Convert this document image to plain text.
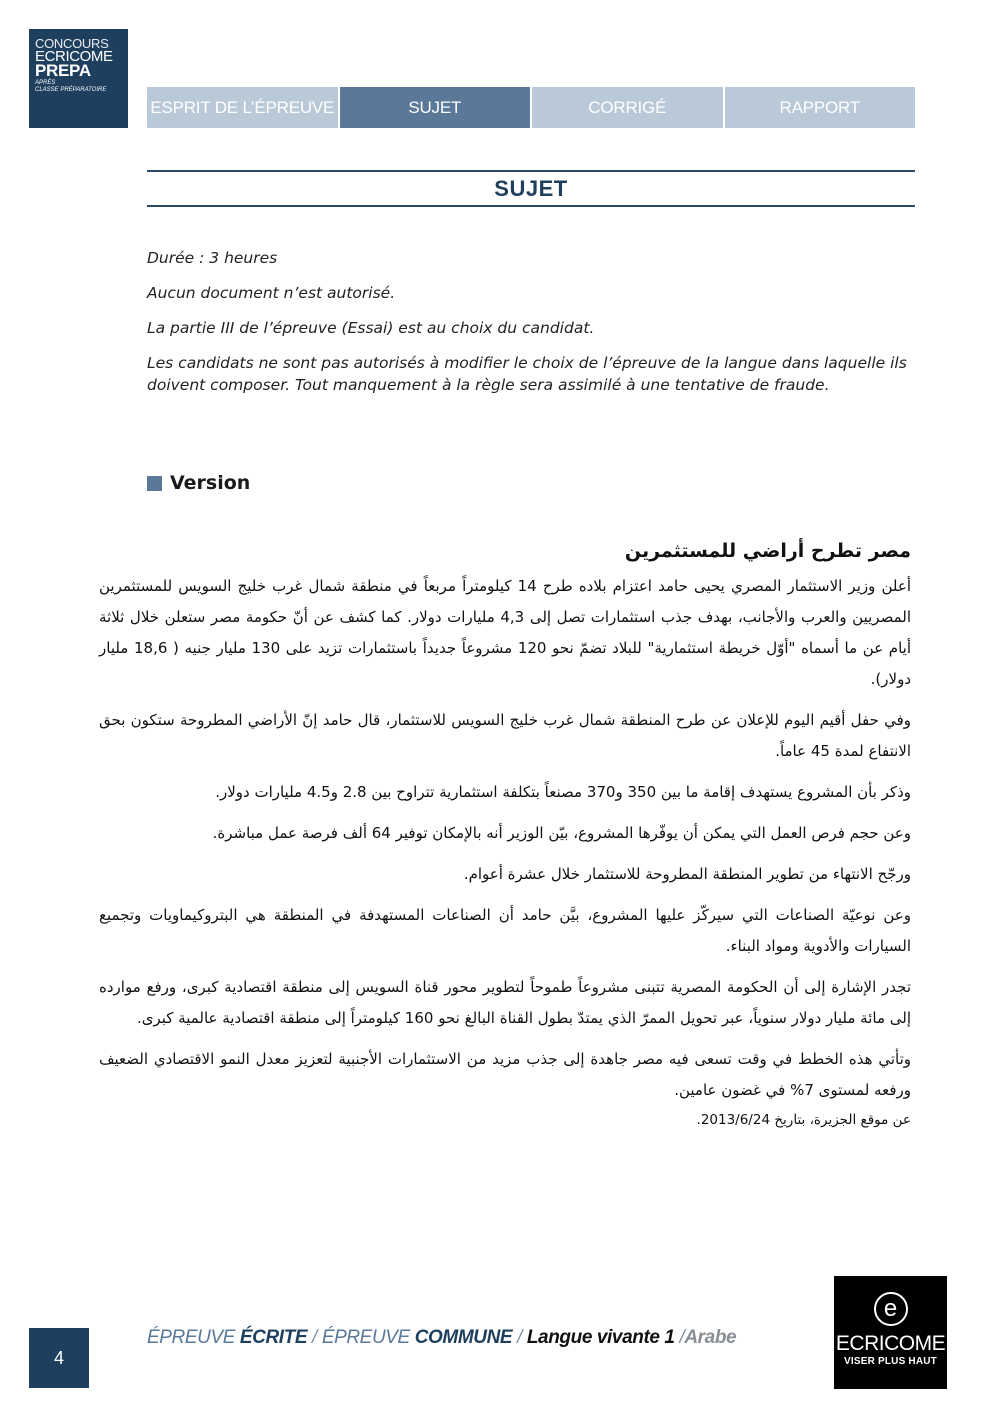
CONCOURS
ECRICOME
PREPA
APRÈS
CLASSE PRÉPARATOIRE
ESPRIT DE L’ÉPREUVE	SUJET	CORRIGÉ	RAPPORT
SUJET

Durée : 3 heures

Aucun document n’est autorisé.

La partie III de l’épreuve (Essai) est au choix du candidat.

Les candidats ne sont pas autorisés à modifier le choix de l’épreuve de la langue dans laquelle ils doivent composer. Tout manquement à la règle sera assimilé à une tentative de fraude.

Version
مصر تطرح أراضي للمستثمرين

أعلن وزير الاستثمار المصري يحيى حامد اعتزام بلاده طرح 14 كيلومتراً مربعاً في منطقة شمال غرب خليج السويس للمستثمرين المصريين والعرب والأجانب، بهدف جذب استثمارات تصل إلى 4,3 مليارات دولار. كما كشف عن أنّ حكومة مصر ستعلن خلال ثلاثة أيام عن ما أسماه "أوّل خريطة استثمارية" للبلاد تضمّ نحو 120 مشروعاً جديداً باستثمارات تزيد على 130 مليار جنيه ( 18,6 مليار دولار).

وفي حفل أقيم اليوم للإعلان عن طرح المنطقة شمال غرب خليج السويس للاستثمار، قال حامد إنّ الأراضي المطروحة ستكون بحق الانتفاع لمدة 45 عاماً.

وذكر بأن المشروع يستهدف إقامة ما بين 350 و370 مصنعاً بتكلفة استثمارية تتراوح بين 2.8 و4.5 مليارات دولار.

وعن حجم فرص العمل التي يمكن أن يوفّرها المشروع، بيّن الوزير أنه بالإمكان توفير 64 ألف فرصة عمل مباشرة.

ورجّح الانتهاء من تطوير المنطقة المطروحة للاستثمار خلال عشرة أعوام.

وعن نوعيّة الصناعات التي سيركّز عليها المشروع، بيَّن حامد أن الصناعات المستهدفة في المنطقة هي البتروكيماويات وتجميع السيارات والأدوية ومواد البناء.

تجدر الإشارة إلى أن الحكومة المصرية تتبنى مشروعاً طموحاً لتطوير محور قناة السويس إلى منطقة اقتصادية كبرى، ورفع موارده إلى مائة مليار دولار سنوياً، عبر تحويل الممرّ الذي يمتدّ بطول القناة البالغ نحو 160 كيلومتراً إلى منطقة اقتصادية عالمية كبرى.

وتأتي هذه الخطط في وقت تسعى فيه مصر جاهدة إلى جذب مزيد من الاستثمارات الأجنبية لتعزيز معدل النمو الاقتصادي الضعيف ورفعه لمستوى 7% في غضون عامين.

عن موقع الجزيرة، بتاريخ 2013/6/24.
4
ÉPREUVE ÉCRITE / ÉPREUVE COMMUNE / Langue vivante 1 /Arabe
e
ECRICOME
VISER PLUS HAUT
